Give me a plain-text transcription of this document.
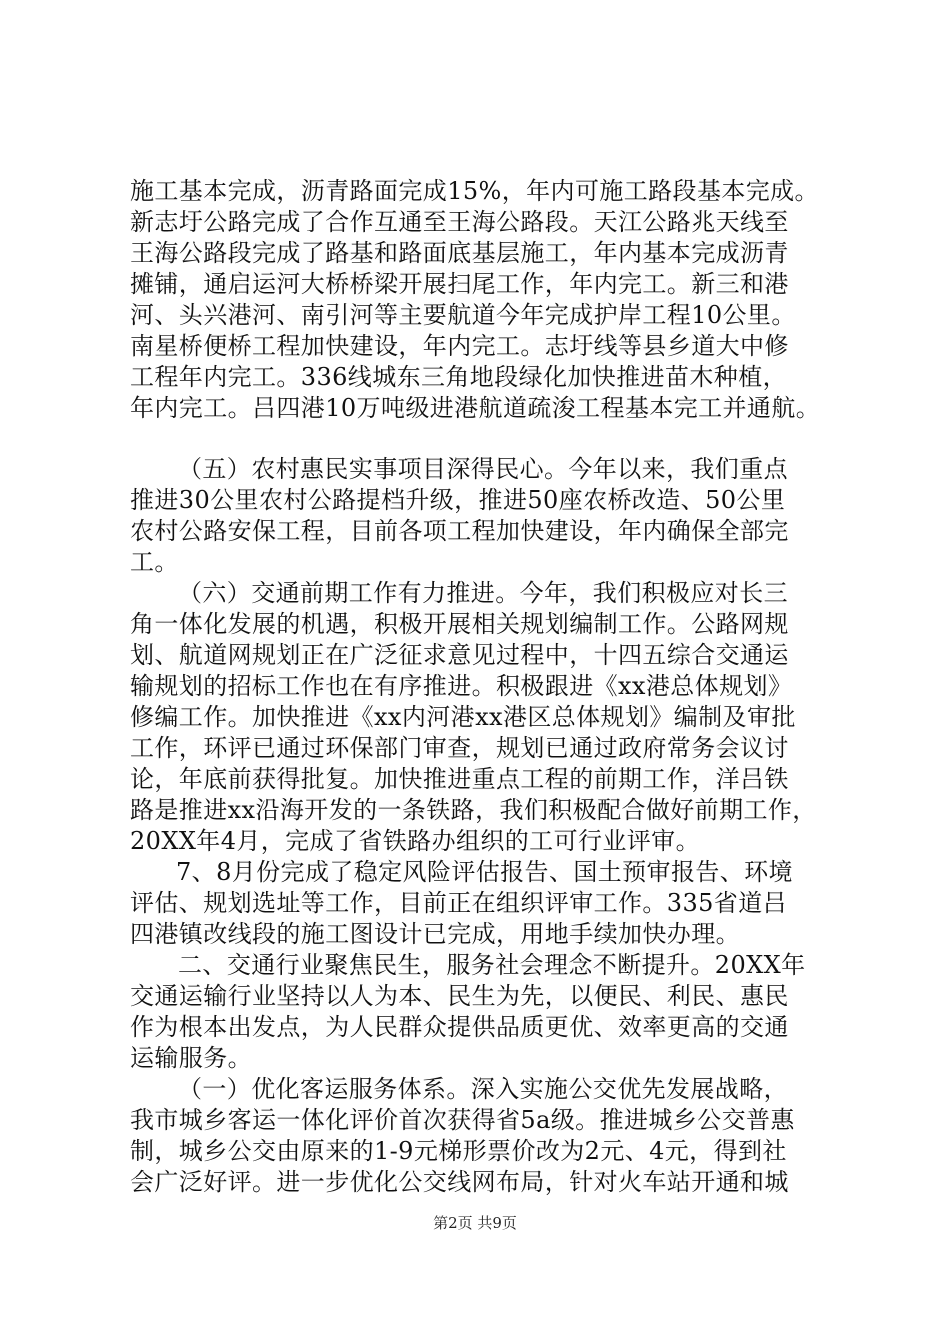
施工基本完成，沥青路面完成15%，年内可施工路段基本完成。
新志圩公路完成了合作互通至王海公路段。天江公路兆天线至
王海公路段完成了路基和路面底基层施工，年内基本完成沥青
摊铺，通启运河大桥桥梁开展扫尾工作，年内完工。新三和港
河、头兴港河、南引河等主要航道今年完成护岸工程10公里。
南星桥便桥工程加快建设，年内完工。志圩线等县乡道大中修
工程年内完工。336线城东三角地段绿化加快推进苗木种植，
年内完工。吕四港10万吨级进港航道疏浚工程基本完工并通航。
（五）农村惠民实事项目深得民心。今年以来，我们重点
推进30公里农村公路提档升级，推进50座农桥改造、50公里
农村公路安保工程，目前各项工程加快建设，年内确保全部完
工。
（六）交通前期工作有力推进。今年，我们积极应对长三
角一体化发展的机遇，积极开展相关规划编制工作。公路网规
划、航道网规划正在广泛征求意见过程中，十四五综合交通运
输规划的招标工作也在有序推进。积极跟进《xx港总体规划》
修编工作。加快推进《xx内河港xx港区总体规划》编制及审批
工作，环评已通过环保部门审查，规划已通过政府常务会议讨
论，年底前获得批复。加快推进重点工程的前期工作，洋吕铁
路是推进xx沿海开发的一条铁路，我们积极配合做好前期工作，
20XX年4月，完成了省铁路办组织的工可行业评审。
7、8月份完成了稳定风险评估报告、国土预审报告、环境
评估、规划选址等工作，目前正在组织评审工作。335省道吕
四港镇改线段的施工图设计已完成，用地手续加快办理。
二、交通行业聚焦民生，服务社会理念不断提升。20XX年
交通运输行业坚持以人为本、民生为先，以便民、利民、惠民
作为根本出发点，为人民群众提供品质更优、效率更高的交通
运输服务。
（一）优化客运服务体系。深入实施公交优先发展战略，
我市城乡客运一体化评价首次获得省5a级。推进城乡公交普惠
制，城乡公交由原来的1-9元梯形票价改为2元、4元，得到社
会广泛好评。进一步优化公交线网布局，针对火车站开通和城
第2页 共9页
